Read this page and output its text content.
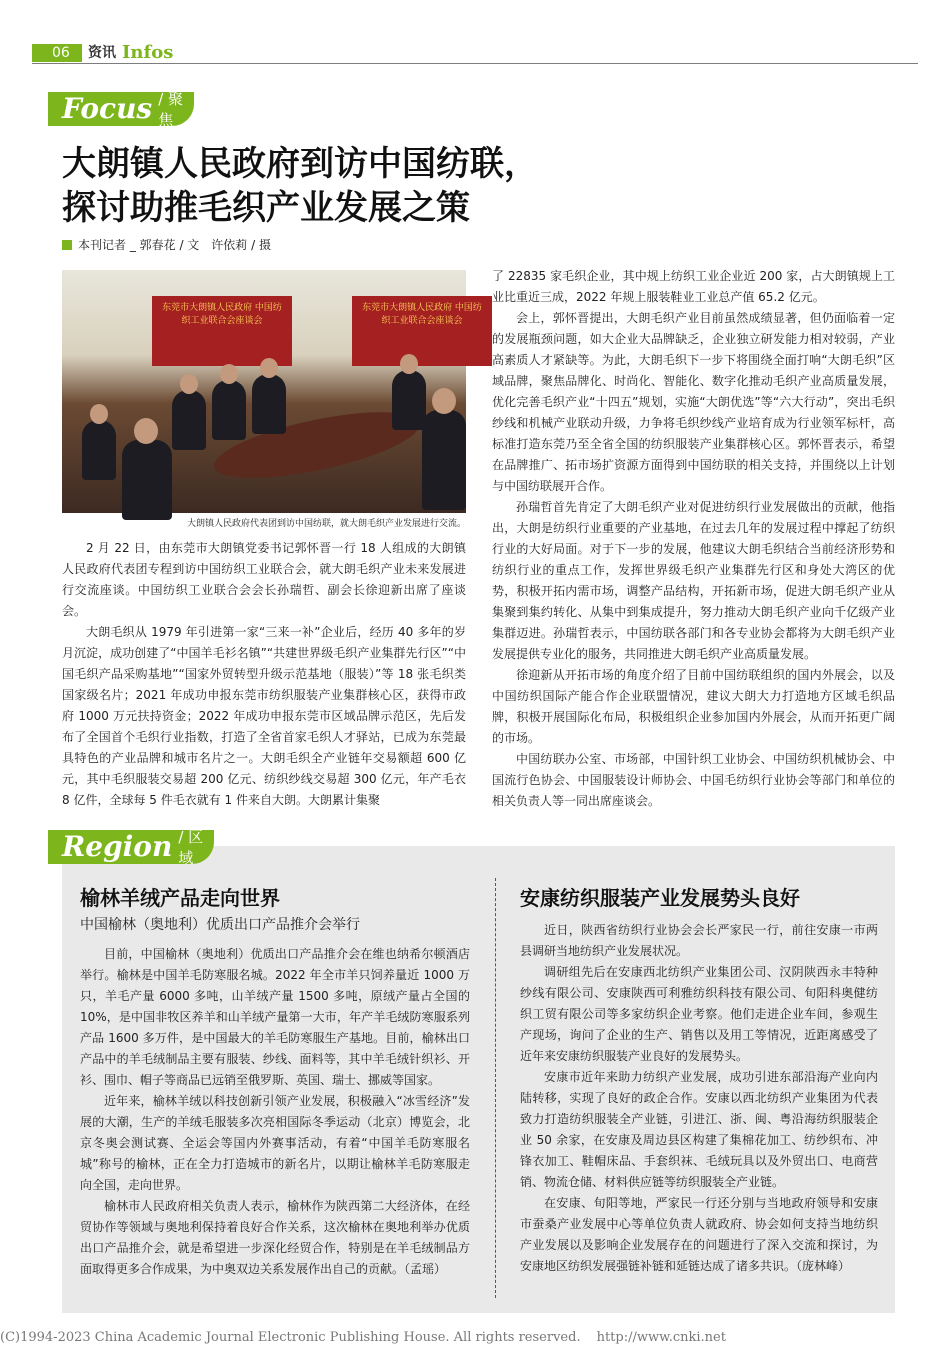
06	资讯 Infos
Focus / 聚焦
大朗镇人民政府到访中国纺联，
探讨助推毛织产业发展之策
本刊记者 _ 郭春花 / 文　许依莉 / 摄
东莞市大朗镇人民政府 中国纺织工业联合会座谈会
东莞市大朗镇人民政府 中国纺织工业联合会座谈会
大朗镇人民政府代表团到访中国纺联，就大朗毛织产业发展进行交流。

2 月 22 日，由东莞市大朗镇党委书记郭怀晋一行 18 人组成的大朗镇人民政府代表团专程到访中国纺织工业联合会，就大朗毛织产业未来发展进行交流座谈。中国纺织工业联合会会长孙瑞哲、副会长徐迎新出席了座谈会。

大朗毛织从 1979 年引进第一家“三来一补”企业后，经历 40 多年的岁月沉淀，成功创建了“中国羊毛衫名镇”“共建世界级毛织产业集群先行区”“中国毛织产品采购基地”“国家外贸转型升级示范基地（服装）”等 18 张毛织类国家级名片；2021 年成功申报东莞市纺织服装产业集群核心区，获得市政府 1000 万元扶持资金；2022 年成功申报东莞市区域品牌示范区，先后发布了全国首个毛织行业指数，打造了全省首家毛织人才驿站，已成为东莞最具特色的产业品牌和城市名片之一。大朗毛织全产业链年交易额超 600 亿元，其中毛织服装交易超 200 亿元、纺织纱线交易超 300 亿元，年产毛衣 8 亿件，全球每 5 件毛衣就有 1 件来自大朗。大朗累计集聚

了 22835 家毛织企业，其中规上纺织工业企业近 200 家，占大朗镇规上工业比重近三成，2022 年规上服装鞋业工业总产值 65.2 亿元。

会上，郭怀晋提出，大朗毛织产业目前虽然成绩显著，但仍面临着一定的发展瓶颈问题，如大企业大品牌缺乏，企业独立研发能力相对较弱，产业高素质人才紧缺等。为此，大朗毛织下一步下将围绕全面打响“大朗毛织”区域品牌，聚焦品牌化、时尚化、智能化、数字化推动毛织产业高质量发展，优化完善毛织产业“十四五”规划，实施“大朗优选”等“六大行动”，突出毛织纱线和机械产业联动升级，力争将毛织纱线产业培育成为行业领军标杆，高标准打造东莞乃至全省全国的纺织服装产业集群核心区。郭怀晋表示，希望在品牌推广、拓市场扩资源方面得到中国纺联的相关支持，并围绕以上计划与中国纺联展开合作。

孙瑞哲首先肯定了大朗毛织产业对促进纺织行业发展做出的贡献，他指出，大朗是纺织行业重要的产业基地，在过去几年的发展过程中撑起了纺织行业的大好局面。对于下一步的发展，他建议大朗毛织结合当前经济形势和纺织行业的重点工作，发挥世界级毛织产业集群先行区和身处大湾区的优势，积极开拓内需市场，调整产品结构，开拓新市场，促进大朗毛织产业从集聚到集约转化、从集中到集成提升，努力推动大朗毛织产业向千亿级产业集群迈进。孙瑞哲表示，中国纺联各部门和各专业协会都将为大朗毛织产业发展提供专业化的服务，共同推进大朗毛织产业高质量发展。

徐迎新从开拓市场的角度介绍了目前中国纺联组织的国内外展会，以及中国纺织国际产能合作企业联盟情况，建议大朗大力打造地方区域毛织品牌，积极开展国际化布局，积极组织企业参加国内外展会，从而开拓更广阔的市场。

中国纺联办公室、市场部，中国针织工业协会、中国纺织机械协会、中国流行色协会、中国服装设计师协会、中国毛纺织行业协会等部门和单位的相关负责人等一同出席座谈会。

Region / 区域
榆林羊绒产品走向世界
中国榆林（奥地利）优质出口产品推介会举行

目前，中国榆林（奥地利）优质出口产品推介会在维也纳希尔顿酒店举行。榆林是中国羊毛防寒服名城。2022 年全市羊只饲养量近 1000 万只，羊毛产量 6000 多吨，山羊绒产量 1500 多吨，原绒产量占全国的 10%，是中国非牧区养羊和山羊绒产量第一大市，年产羊毛绒防寒服系列产品 1600 多万件，是中国最大的羊毛防寒服生产基地。目前，榆林出口产品中的羊毛绒制品主要有服装、纱线、面料等，其中羊毛绒针织衫、开衫、围巾、帽子等商品已远销至俄罗斯、英国、瑞士、挪威等国家。

近年来，榆林羊绒以科技创新引领产业发展，积极融入“冰雪经济”发展的大潮，生产的羊绒毛服装多次亮相国际冬季运动（北京）博览会，北京冬奥会测试赛、全运会等国内外赛事活动，有着“中国羊毛防寒服名城”称号的榆林，正在全力打造城市的新名片，以期让榆林羊毛防寒服走向全国，走向世界。

榆林市人民政府相关负责人表示，榆林作为陕西第二大经济体，在经贸协作等领域与奥地利保持着良好合作关系，这次榆林在奥地利举办优质出口产品推介会，就是希望进一步深化经贸合作，特别是在羊毛绒制品方面取得更多合作成果，为中奥双边关系发展作出自己的贡献。（孟瑶）

安康纺织服装产业发展势头良好

近日，陕西省纺织行业协会会长严家民一行，前往安康一市两县调研当地纺织产业发展状况。

调研组先后在安康西北纺织产业集团公司、汉阴陕西永丰特种纱线有限公司、安康陕西可利雅纺织科技有限公司、旬阳科奥健纺织工贸有限公司等多家纺织企业考察。他们走进企业车间，参观生产现场，询问了企业的生产、销售以及用工等情况，近距离感受了近年来安康纺织服装产业良好的发展势头。

安康市近年来助力纺织产业发展，成功引进东部沿海产业向内陆转移，实现了良好的政企合作。安康以西北纺织产业集团为代表致力打造纺织服装全产业链，引进江、浙、闽、粤沿海纺织服装企业 50 余家，在安康及周边县区构建了集棉花加工、纺纱织布、冲锋衣加工、鞋帽床品、手套织袜、毛绒玩具以及外贸出口、电商营销、物流仓储、材料供应链等纺织服装全产业链。

在安康、旬阳等地，严家民一行还分别与当地政府领导和安康市蚕桑产业发展中心等单位负责人就政府、协会如何支持当地纺织产业发展以及影响企业发展存在的问题进行了深入交流和探讨，为安康地区纺织发展强链补链和延链达成了诸多共识。（庞林峰）

(C)1994-2023 China Academic Journal Electronic Publishing House. All rights reserved. http://www.cnki.net
